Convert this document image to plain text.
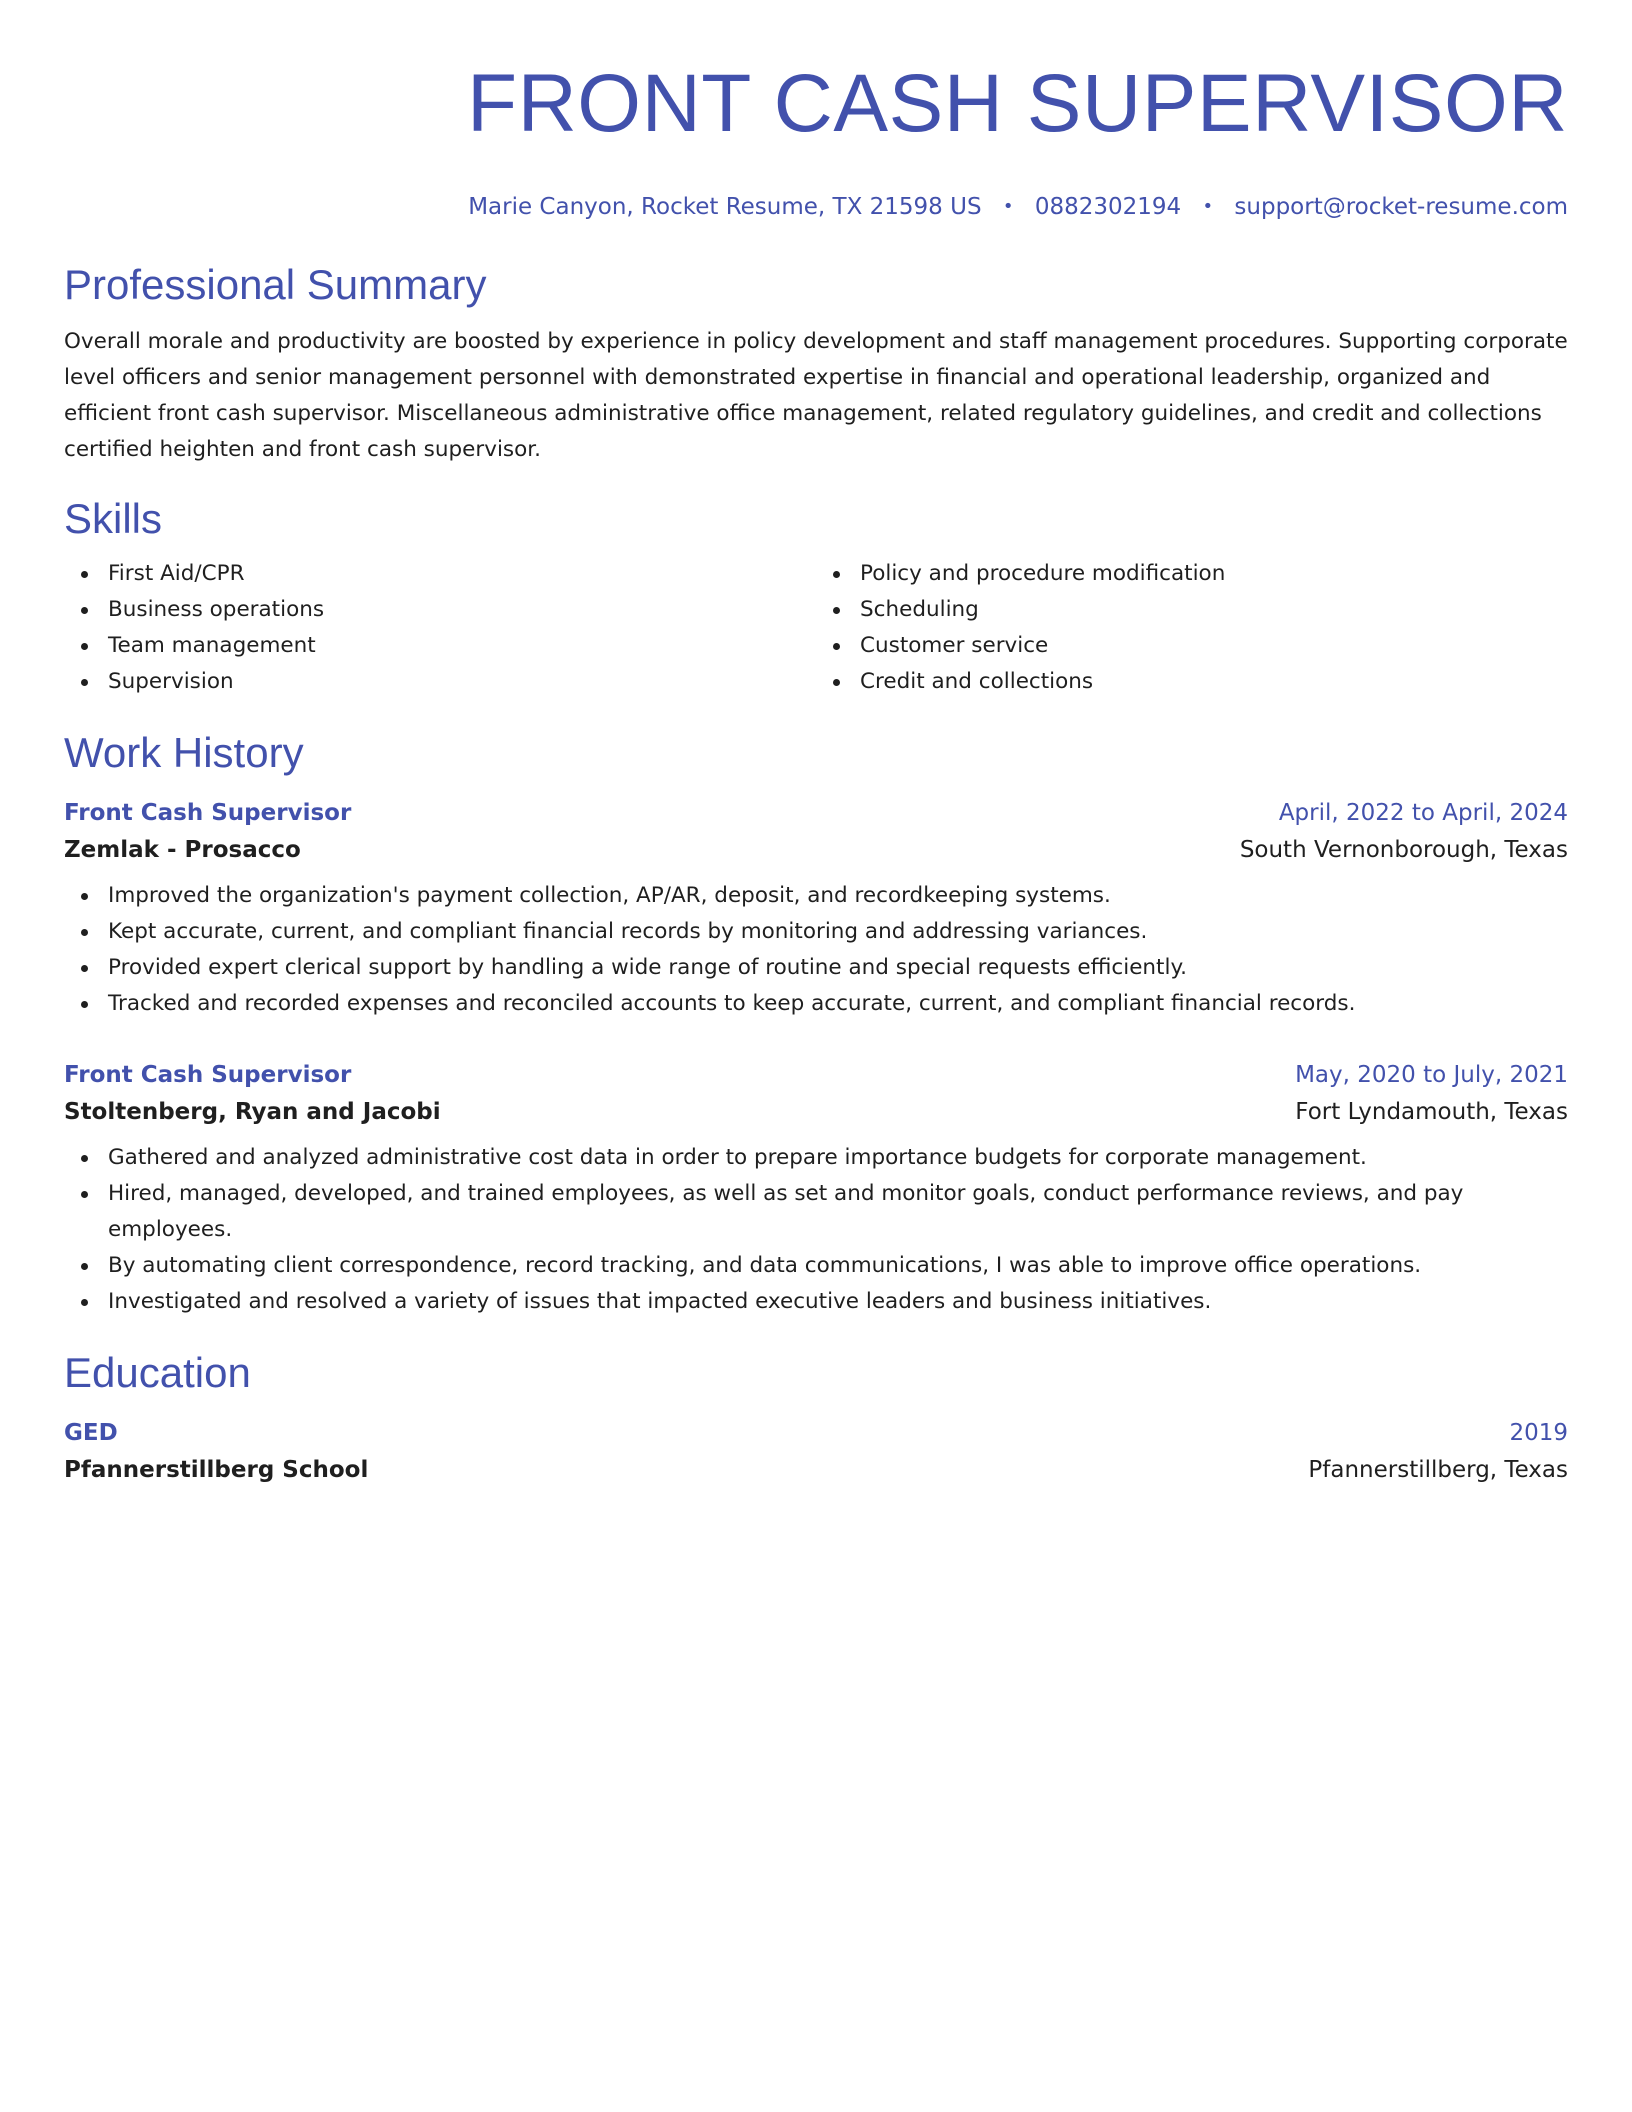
FRONT CASH SUPERVISOR
Marie Canyon, Rocket Resume, TX 21598 US • 0882302194 • support@rocket-resume.com
Professional Summary

Overall morale and productivity are boosted by experience in policy development and staff management procedures. Supporting corporate level officers and senior management personnel with demonstrated expertise in financial and operational leadership, organized and efficient front cash supervisor. Miscellaneous administrative office management, related regulatory guidelines, and credit and collections certified heighten and front cash supervisor.

Skills
First Aid/CPR
Business operations
Team management
Supervision
Policy and procedure modification
Scheduling
Customer service
Credit and collections
Work History
Front Cash Supervisor	April, 2022 to April, 2024
Zemlak - Prosacco	South Vernonborough, Texas
Improved the organization's payment collection, AP/AR, deposit, and recordkeeping systems.
Kept accurate, current, and compliant financial records by monitoring and addressing variances.
Provided expert clerical support by handling a wide range of routine and special requests efficiently.
Tracked and recorded expenses and reconciled accounts to keep accurate, current, and compliant financial records.
Front Cash Supervisor	May, 2020 to July, 2021
Stoltenberg, Ryan and Jacobi	Fort Lyndamouth, Texas
Gathered and analyzed administrative cost data in order to prepare importance budgets for corporate management.
Hired, managed, developed, and trained employees, as well as set and monitor goals, conduct performance reviews, and pay employees.
By automating client correspondence, record tracking, and data communications, I was able to improve office operations.
Investigated and resolved a variety of issues that impacted executive leaders and business initiatives.
Education
GED	2019
Pfannerstillberg School	Pfannerstillberg, Texas
